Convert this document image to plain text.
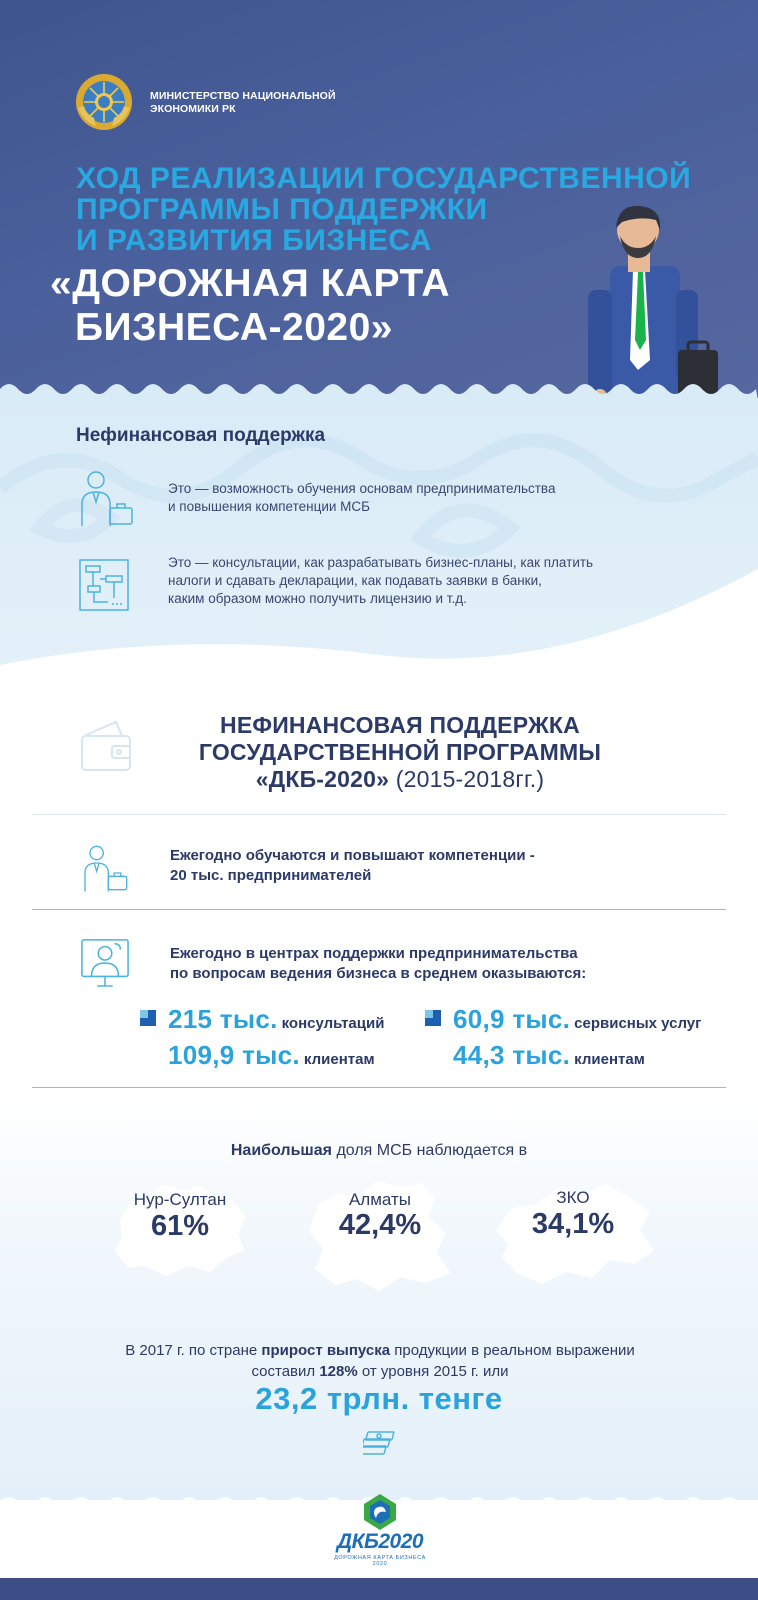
МИНИСТЕРСТВО НАЦИОНАЛЬНОЙ
ЭКОНОМИКИ РК
ХОД РЕАЛИЗАЦИИ ГОСУДАРСТВЕННОЙ
ПРОГРАММЫ ПОДДЕРЖКИ
И РАЗВИТИЯ БИЗНЕСА
«ДОРОЖНАЯ КАРТА
БИЗНЕСА-2020»
Нефинансовая поддержка
Это — возможность обучения основам предпринимательства
и повышения компетенции МСБ
Это — консультации, как разрабатывать бизнес-планы, как платить
налоги и сдавать декларации, как подавать заявки в банки,
каким образом можно получить лицензию и т.д.
НЕФИНАНСОВАЯ ПОДДЕРЖКА
ГОСУДАРСТВЕННОЙ ПРОГРАММЫ
«ДКБ-2020» (2015-2018гг.)
Ежегодно обучаются и повышают компетенции -
20 тыс. предпринимателей
Ежегодно в центрах поддержки предпринимательства
по вопросам ведения бизнеса в среднем оказываются:
215 тыс. консультаций
109,9 тыс. клиентам
60,9 тыс. сервисных услуг
44,3 тыс. клиентам
Наибольшая доля МСБ наблюдается в
Нур-Султан
61%
Алматы
42,4%
ЗКО
34,1%
В 2017 г. по стране прирост выпуска продукции в реальном выражении
составил 128% от уровня 2015 г. или
23,2 трлн. тенге
ДКБ2020
ДОРОЖНАЯ КАРТА БИЗНЕСА 2020
